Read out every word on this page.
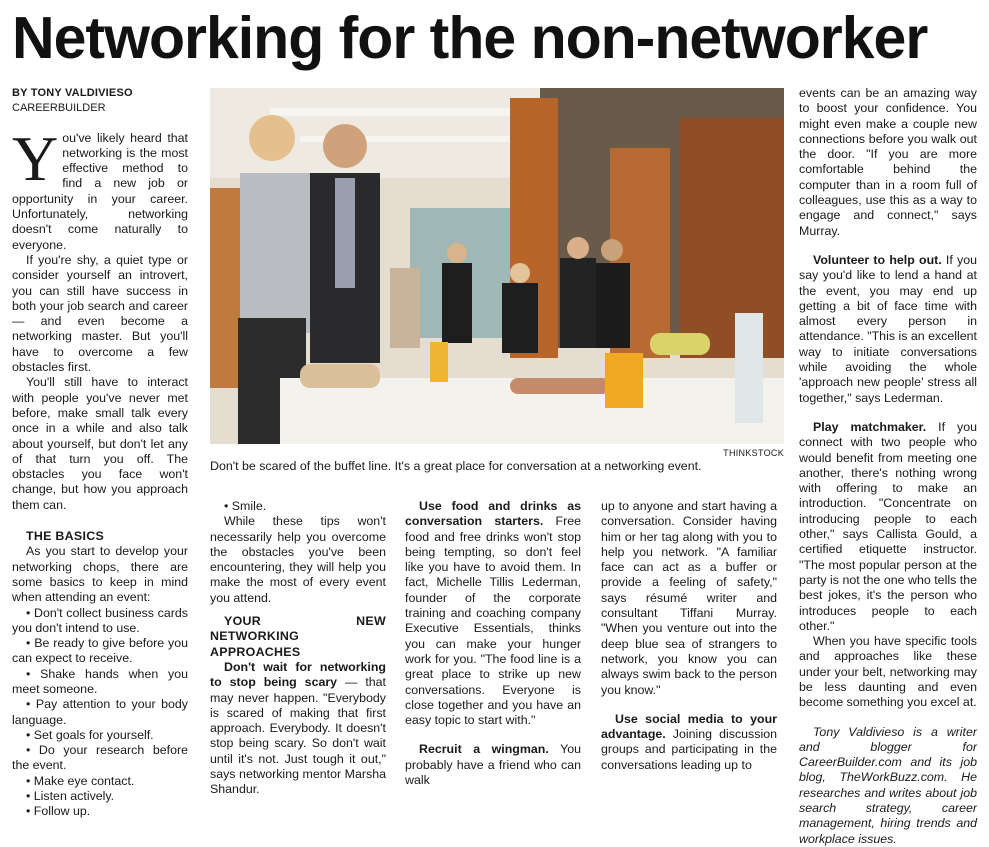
Networking for the non-networker
BY TONY VALDIVIESO
CAREERBUILDER

You've likely heard that networking is the most effective method to find a new job or opportunity in your career. Unfortunately, networking doesn't come naturally to everyone.

If you're shy, a quiet type or consider yourself an introvert, you can still have success in both your job search and career — and even become a networking master. But you'll have to overcome a few obstacles first.

You'll still have to interact with people you've never met before, make small talk every once in a while and also talk about yourself, but don't let any of that turn you off. The obstacles you face won't change, but how you approach them can.

THE BASICS

As you start to develop your networking chops, there are some basics to keep in mind when attending an event:

• Don't collect business cards you don't intend to use.

• Be ready to give before you can expect to receive.

• Shake hands when you meet someone.

• Pay attention to your body language.

• Set goals for yourself.

• Do your research before the event.

• Make eye contact.

• Listen actively.

• Follow up.

THINKSTOCK
Don't be scared of the buffet line. It's a great place for conversation at a networking event.

• Smile.

While these tips won't necessarily help you overcome the obstacles you've been encountering, they will help you make the most of every event you attend.

YOUR NEW NETWORKING APPROACHES

Don't wait for networking to stop being scary — that may never happen. "Everybody is scared of making that first approach. Everybody. It doesn't stop being scary. So don't wait until it's not. Just tough it out," says networking mentor Marsha Shandur.

Use food and drinks as conversation starters. Free food and free drinks won't stop being tempting, so don't feel like you have to avoid them. In fact, Michelle Tillis Lederman, founder of the corporate training and coaching company Executive Essentials, thinks you can make your hunger work for you. "The food line is a great place to strike up new conversations. Everyone is close together and you have an easy topic to start with."

Recruit a wingman. You probably have a friend who can walk

up to anyone and start having a conversation. Consider having him or her tag along with you to help you network. "A familiar face can act as a buffer or provide a feeling of safety," says résumé writer and consultant Tiffani Murray. "When you venture out into the deep blue sea of strangers to network, you know you can always swim back to the person you know."

Use social media to your advantage. Joining discussion groups and participating in the conversations leading up to

events can be an amazing way to boost your confidence. You might even make a couple new connections before you walk out the door. "If you are more comfortable behind the computer than in a room full of colleagues, use this as a way to engage and connect," says Murray.

Volunteer to help out. If you say you'd like to lend a hand at the event, you may end up getting a bit of face time with almost every person in attendance. "This is an excellent way to initiate conversations while avoiding the whole 'approach new people' stress all together," says Lederman.

Play matchmaker. If you connect with two people who would benefit from meeting one another, there's nothing wrong with offering to make an introduction. "Concentrate on introducing people to each other," says Callista Gould, a certified etiquette instructor. "The most popular person at the party is not the one who tells the best jokes, it's the person who introduces people to each other."

When you have specific tools and approaches like these under your belt, networking may be less daunting and even become something you excel at.

Tony Valdivieso is a writer and blogger for CareerBuilder.com and its job blog, TheWorkBuzz.com. He researches and writes about job search strategy, career management, hiring trends and workplace issues.
